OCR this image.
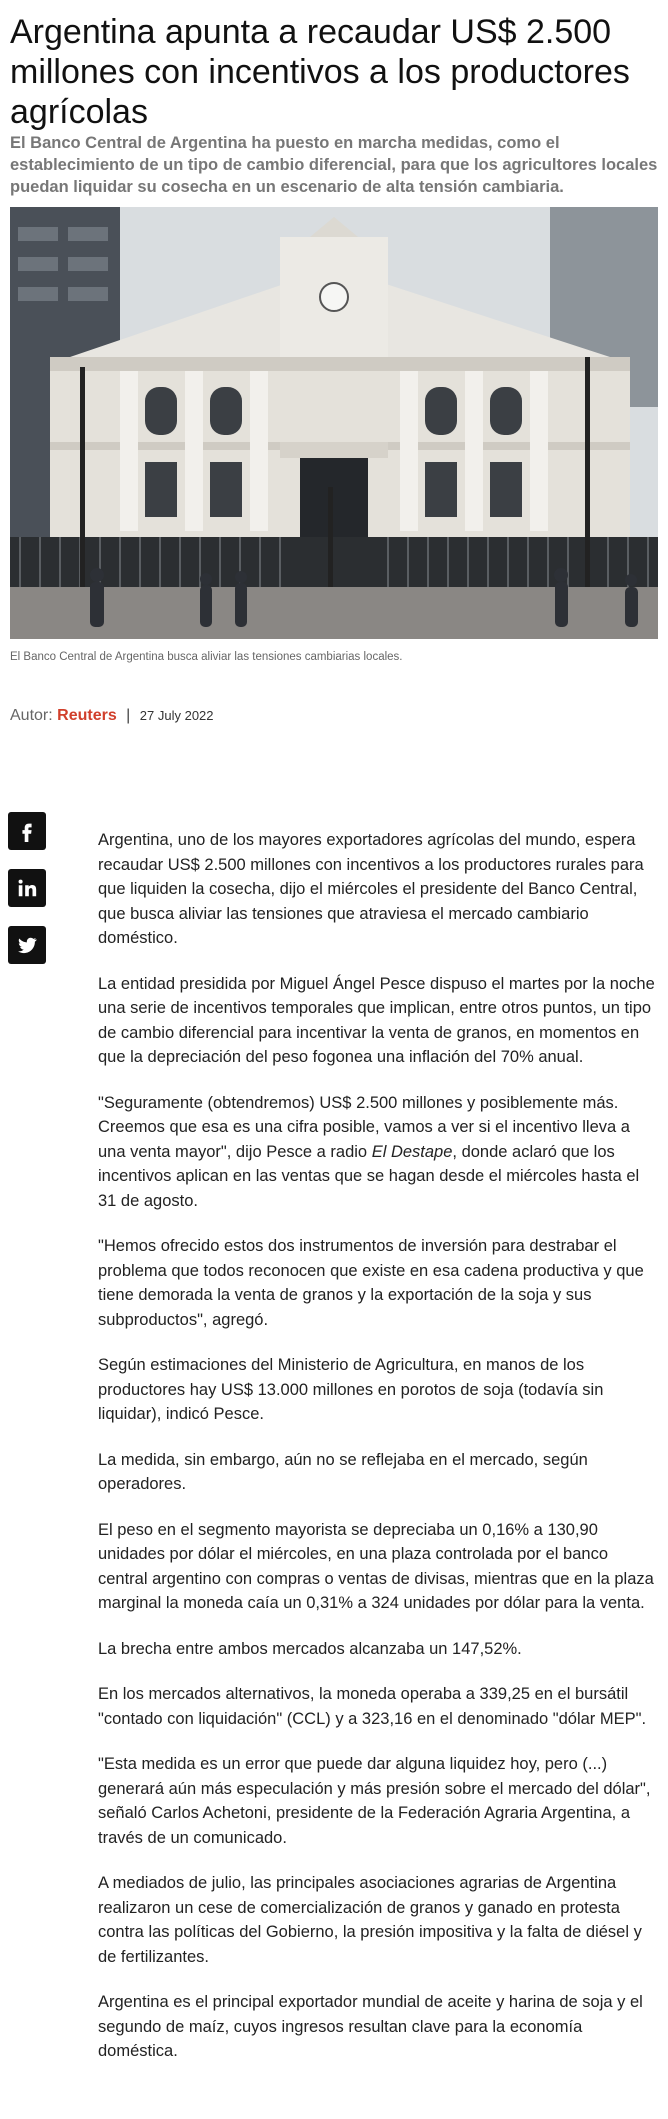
Argentina apunta a recaudar US$ 2.500 millones con incentivos a los productores agrícolas

El Banco Central de Argentina ha puesto en marcha medidas, como el establecimiento de un tipo de cambio diferencial, para que los agricultores locales puedan liquidar su cosecha en un escenario de alta tensión cambiaria.

El Banco Central de Argentina busca aliviar las tensiones cambiarias locales.

Autor: Reuters | 27 July 2022

Argentina, uno de los mayores exportadores agrícolas del mundo, espera recaudar US$ 2.500 millones con incentivos a los productores rurales para que liquiden la cosecha, dijo el miércoles el presidente del Banco Central, que busca aliviar las tensiones que atraviesa el mercado cambiario doméstico.

La entidad presidida por Miguel Ángel Pesce dispuso el martes por la noche una serie de incentivos temporales que implican, entre otros puntos, un tipo de cambio diferencial para incentivar la venta de granos, en momentos en que la depreciación del peso fogonea una inflación del 70% anual.

"Seguramente (obtendremos) US$ 2.500 millones y posiblemente más. Creemos que esa es una cifra posible, vamos a ver si el incentivo lleva a una venta mayor", dijo Pesce a radio El Destape, donde aclaró que los incentivos aplican en las ventas que se hagan desde el miércoles hasta el 31 de agosto.

"Hemos ofrecido estos dos instrumentos de inversión para destrabar el problema que todos reconocen que existe en esa cadena productiva y que tiene demorada la venta de granos y la exportación de la soja y sus subproductos", agregó.

Según estimaciones del Ministerio de Agricultura, en manos de los productores hay US$ 13.000 millones en porotos de soja (todavía sin liquidar), indicó Pesce.

La medida, sin embargo, aún no se reflejaba en el mercado, según operadores.

El peso en el segmento mayorista se depreciaba un 0,16% a 130,90 unidades por dólar el miércoles, en una plaza controlada por el banco central argentino con compras o ventas de divisas, mientras que en la plaza marginal la moneda caía un 0,31% a 324 unidades por dólar para la venta.

La brecha entre ambos mercados alcanzaba un 147,52%.

En los mercados alternativos, la moneda operaba a 339,25 en el bursátil "contado con liquidación" (CCL) y a 323,16 en el denominado "dólar MEP".

"Esta medida es un error que puede dar alguna liquidez hoy, pero (...) generará aún más especulación y más presión sobre el mercado del dólar", señaló Carlos Achetoni, presidente de la Federación Agraria Argentina, a través de un comunicado.

A mediados de julio, las principales asociaciones agrarias de Argentina realizaron un cese de comercialización de granos y ganado en protesta contra las políticas del Gobierno, la presión impositiva y la falta de diésel y de fertilizantes.

Argentina es el principal exportador mundial de aceite y harina de soja y el segundo de maíz, cuyos ingresos resultan clave para la economía doméstica.
